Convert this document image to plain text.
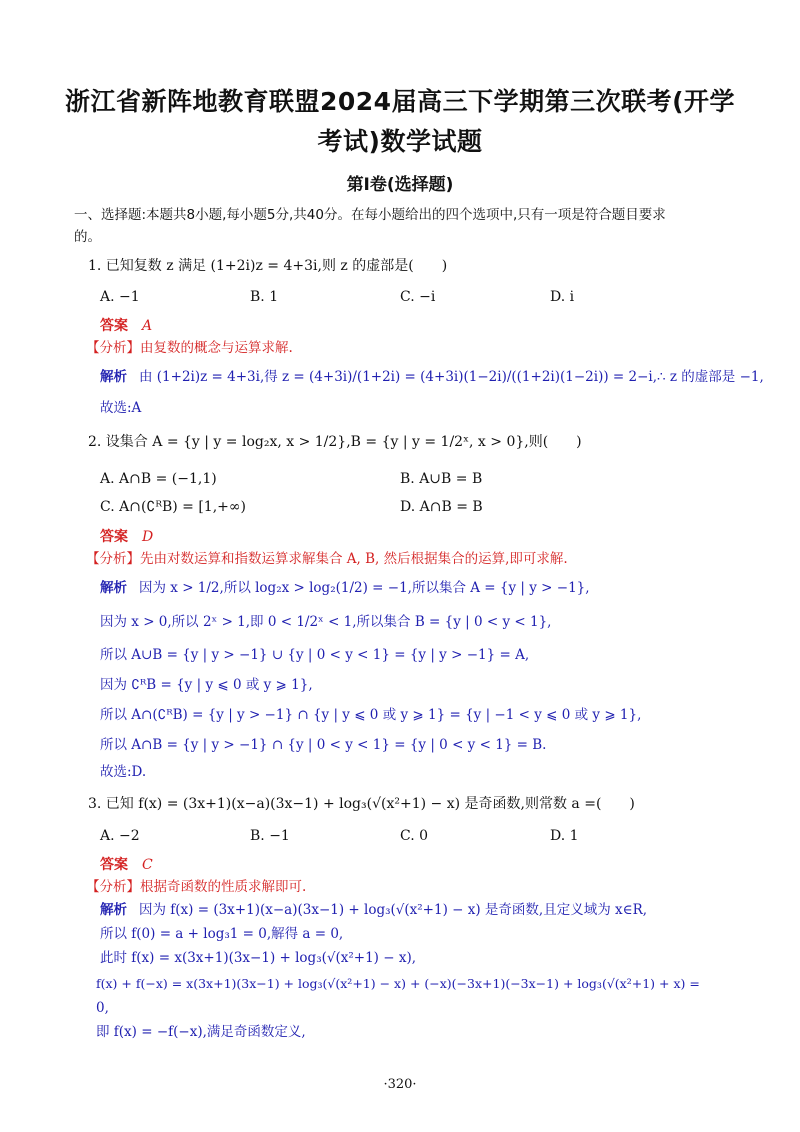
浙江省新阵地教育联盟2024届高三下学期第三次联考(开学
考试)数学试题
第I卷(选择题)
一、选择题:本题共8小题,每小题5分,共40分。在每小题给出的四个选项中,只有一项是符合题目要求
的。
1. 已知复数 z 满足 (1+2i)z = 4+3i,则 z 的虚部是(　　)
A. −1	B. 1	C. −i	D. i
答案 A
【分析】由复数的概念与运算求解.
解析 由 (1+2i)z = 4+3i,得 z = (4+3i)/(1+2i) = (4+3i)(1−2i)/((1+2i)(1−2i)) = 2−i,∴ z 的虚部是 −1,
故选:A
2. 设集合 A = {y | y = log₂x, x > 1/2},B = {y | y = 1/2ˣ, x > 0},则(　　)
A. A∩B = (−1,1)	B. A∪B = B
C. A∩(∁ᴿB) = [1,+∞)	D. A∩B = B
答案 D
【分析】先由对数运算和指数运算求解集合 A, B, 然后根据集合的运算,即可求解.
解析 因为 x > 1/2,所以 log₂x > log₂(1/2) = −1,所以集合 A = {y | y > −1},
因为 x > 0,所以 2ˣ > 1,即 0 < 1/2ˣ < 1,所以集合 B = {y | 0 < y < 1},
所以 A∪B = {y | y > −1} ∪ {y | 0 < y < 1} = {y | y > −1} = A,
因为 ∁ᴿB = {y | y ⩽ 0 或 y ⩾ 1},
所以 A∩(∁ᴿB) = {y | y > −1} ∩ {y | y ⩽ 0 或 y ⩾ 1} = {y | −1 < y ⩽ 0 或 y ⩾ 1},
所以 A∩B = {y | y > −1} ∩ {y | 0 < y < 1} = {y | 0 < y < 1} = B.
故选:D.
3. 已知 f(x) = (3x+1)(x−a)(3x−1) + log₃(√(x²+1) − x) 是奇函数,则常数 a =(　　)
A. −2	B. −1	C. 0	D. 1
答案 C
【分析】根据奇函数的性质求解即可.
解析 因为 f(x) = (3x+1)(x−a)(3x−1) + log₃(√(x²+1) − x) 是奇函数,且定义域为 x∈R,
所以 f(0) = a + log₃1 = 0,解得 a = 0,
此时 f(x) = x(3x+1)(3x−1) + log₃(√(x²+1) − x),
f(x) + f(−x) = x(3x+1)(3x−1) + log₃(√(x²+1) − x) + (−x)(−3x+1)(−3x−1) + log₃(√(x²+1) + x) =
0,
即 f(x) = −f(−x),满足奇函数定义,
·320·
